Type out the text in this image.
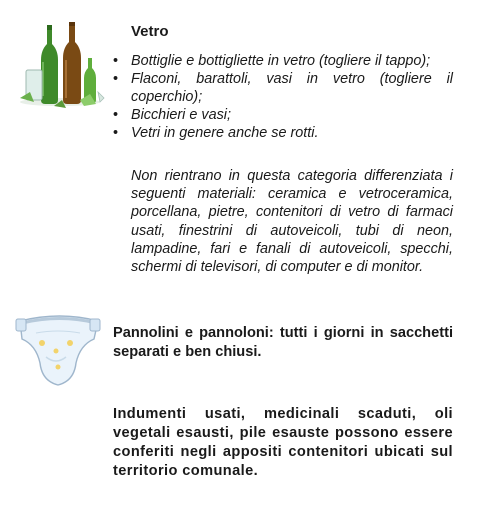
Vetro
• Bottiglie e bottigliette in vetro (togliere il tappo);
• Flaconi, barattoli, vasi in vetro (togliere il coperchio);
• Bicchieri e vasi;
• Vetri in genere anche se rotti.
Non rientrano in questa categoria differenziata i seguenti materiali: ceramica e vetroceramica, porcellana, pietre, contenitori di vetro di farmaci usati, finestrini di autoveicoli, tubi di neon, lampadine, fari e fanali di autoveicoli, specchi, schermi di televisori, di computer e di monitor.
Pannolini e pannoloni: tutti i giorni in sacchetti separati e ben chiusi.
Indumenti usati, medicinali scaduti, oli vegetali esausti, pile esauste possono essere conferiti negli appositi contenitori ubicati sul territorio comunale.
